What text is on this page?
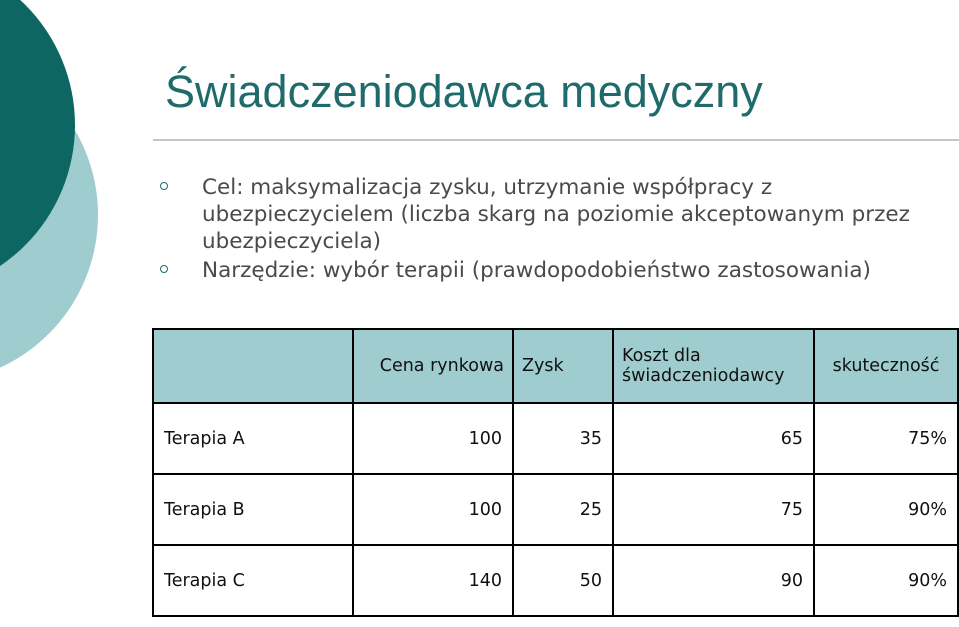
Świadczeniodawca medyczny
Cel: maksymalizacja zysku, utrzymanie współpracy z ubezpieczycielem (liczba skarg na poziomie akceptowanym przez ubezpieczyciela)
Narzędzie: wybór terapii (prawdopodobieństwo zastosowania)
	Cena rynkowa	Zysk	Koszt dla świadczeniodawcy	skuteczność
Terapia A	100	35	65	75%
Terapia B	100	25	75	90%
Terapia C	140	50	90	90%
